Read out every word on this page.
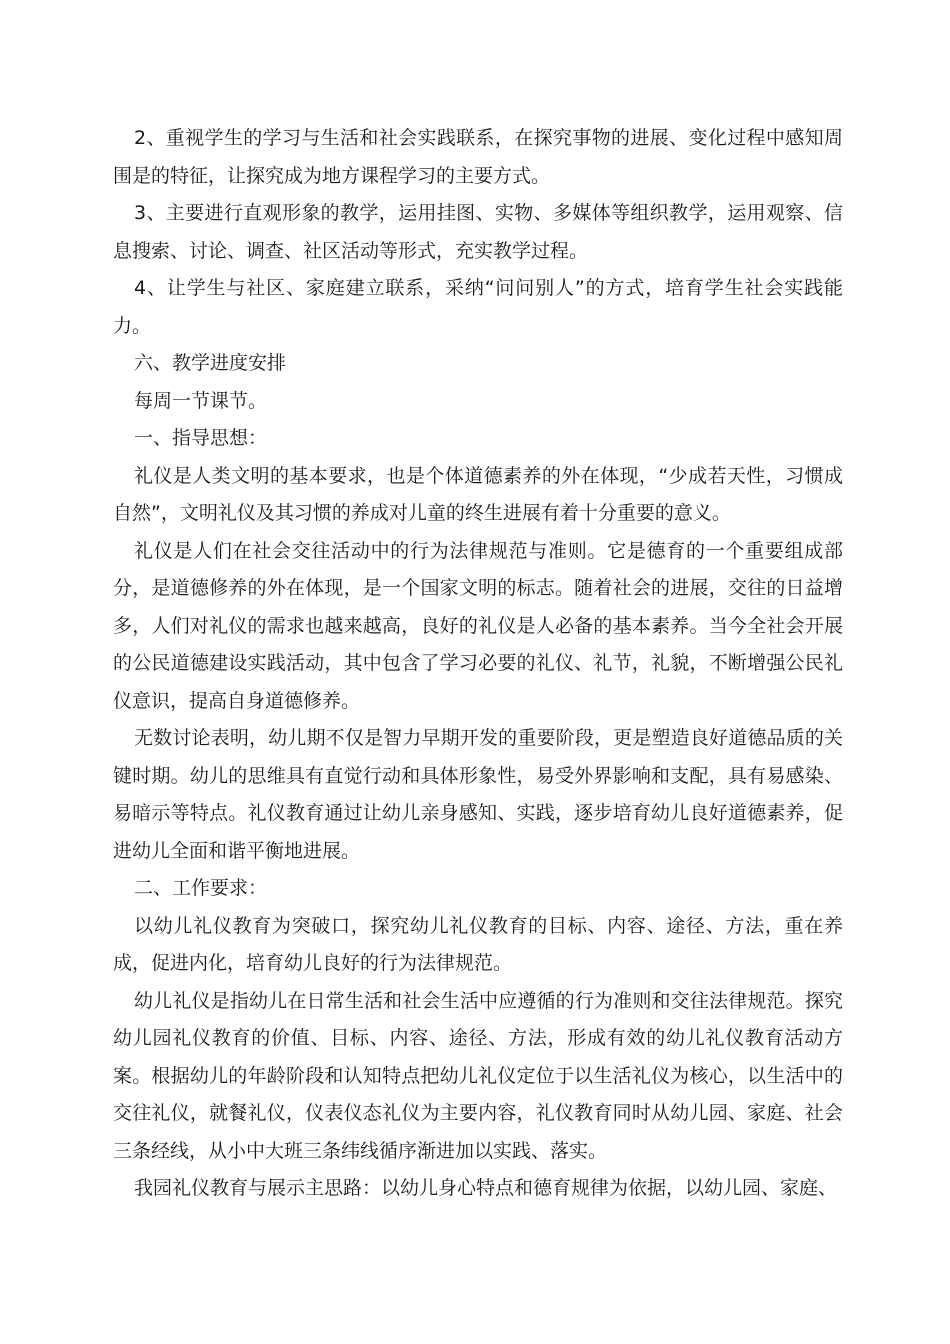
2、重视学生的学习与生活和社会实践联系，在探究事物的进展、变化过程中感知周围是的特征，让探究成为地方课程学习的主要方式。

3、主要进行直观形象的教学，运用挂图、实物、多媒体等组织教学，运用观察、信息搜索、讨论、调查、社区活动等形式，充实教学过程。

4、让学生与社区、家庭建立联系，采纳“问问别人”的方式，培育学生社会实践能力。

六、教学进度安排

每周一节课节。

一、指导思想：

礼仪是人类文明的基本要求，也是个体道德素养的外在体现，“少成若天性，习惯成自然”，文明礼仪及其习惯的养成对儿童的终生进展有着十分重要的意义。

礼仪是人们在社会交往活动中的行为法律规范与准则。它是德育的一个重要组成部分，是道德修养的外在体现，是一个国家文明的标志。随着社会的进展，交往的日益增多，人们对礼仪的需求也越来越高，良好的礼仪是人必备的基本素养。当今全社会开展的公民道德建设实践活动，其中包含了学习必要的礼仪、礼节，礼貌，不断增强公民礼仪意识，提高自身道德修养。

无数讨论表明，幼儿期不仅是智力早期开发的重要阶段，更是塑造良好道德品质的关键时期。幼儿的思维具有直觉行动和具体形象性，易受外界影响和支配，具有易感染、易暗示等特点。礼仪教育通过让幼儿亲身感知、实践，逐步培育幼儿良好道德素养，促进幼儿全面和谐平衡地进展。

二、工作要求：

以幼儿礼仪教育为突破口，探究幼儿礼仪教育的目标、内容、途径、方法，重在养成，促进内化，培育幼儿良好的行为法律规范。

幼儿礼仪是指幼儿在日常生活和社会生活中应遵循的行为准则和交往法律规范。探究幼儿园礼仪教育的价值、目标、内容、途径、方法，形成有效的幼儿礼仪教育活动方案。根据幼儿的年龄阶段和认知特点把幼儿礼仪定位于以生活礼仪为核心，以生活中的交往礼仪，就餐礼仪，仪表仪态礼仪为主要内容，礼仪教育同时从幼儿园、家庭、社会三条经线，从小中大班三条纬线循序渐进加以实践、落实。

我园礼仪教育与展示主思路：以幼儿身心特点和德育规律为依据，以幼儿园、家庭、
